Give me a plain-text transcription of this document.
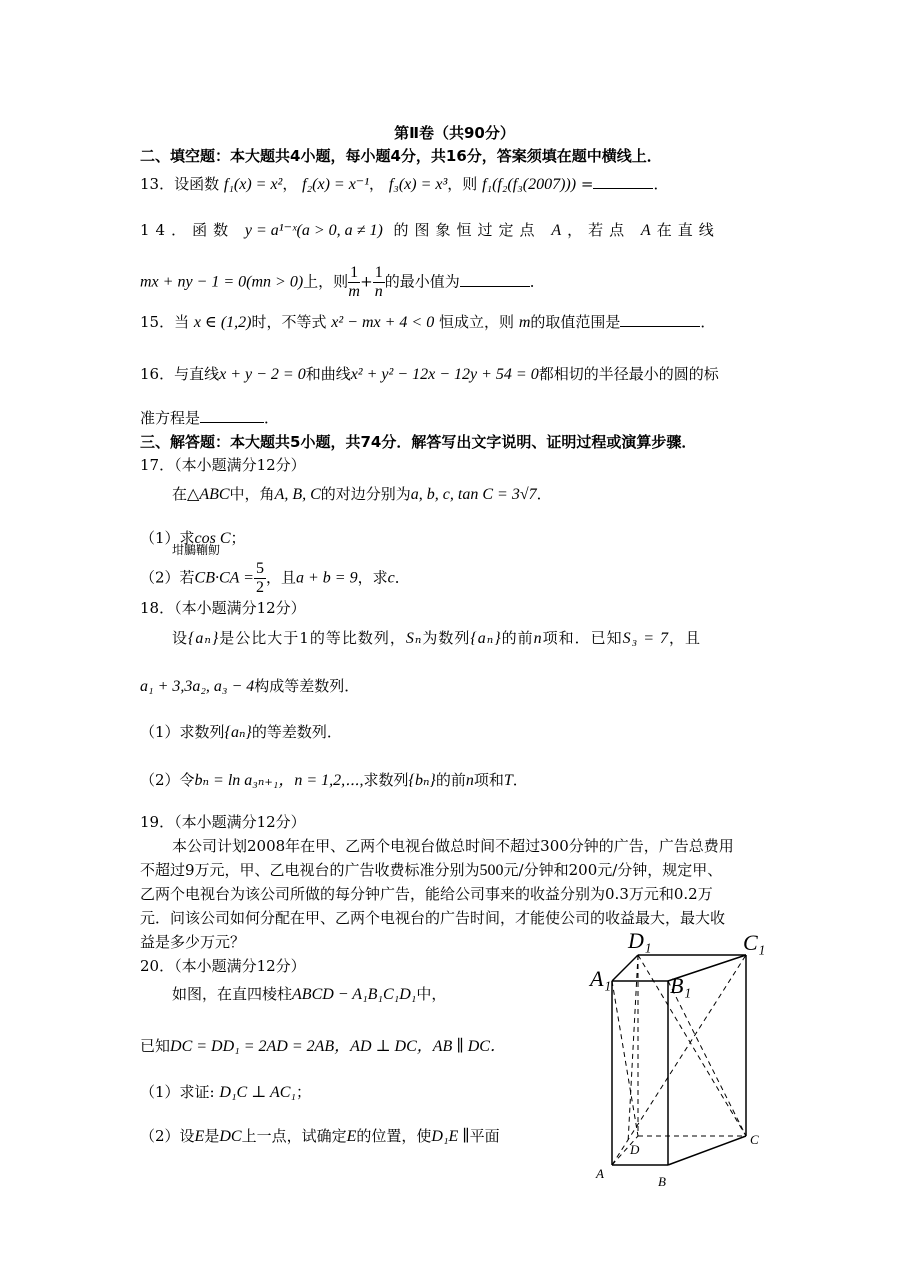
第Ⅱ卷（共90分）
二、填空题：本大题共4小题，每小题4分，共16分，答案须填在题中横线上．
13．设函数 f₁(x) = x²， f₂(x) = x⁻¹， f₃(x) = x³，则 f₁(f₂(f₃(2007))) =	．
14．函数 y = a¹⁻ˣ(a > 0, a ≠ 1) 的图象恒过定点 A，若点 A在直线
mx + ny − 1 = 0(mn > 0)上，则 $\frac{1}{m} + \frac{1}{n}$ 的最小值为	．
15．当 x ∈ (1,2)时，不等式 x² − mx + 4 < 0 恒成立，则 m的取值范围是	．
16．与直线x + y − 2 = 0和曲线x² + y² − 12x − 12y + 54 = 0都相切的半径最小的圆的标
准方程是	．
三、解答题：本大题共5小题，共74分．解答写出文字说明、证明过程或演算步骤．
17．（本小题满分12分）
在△ABC中，角A, B, C的对边分别为a, b, c, tan C = 3√7．
（1）求cos C；
坩鵩鞩鱽
（2）若$CB\cdot CA = \frac{5}{2}$ ，且a + b = 9，求c．
18．（本小题满分12分）
设{aₙ}是公比大于1的等比数列，Sₙ为数列{aₙ}的前n项和．已知S₃ = 7，且
a₁ + 3,3a₂, a₃ − 4构成等差数列．
（1）求数列{aₙ}的等差数列．
（2）令bₙ = ln a₃ₙ₊₁，n = 1,2,⋯,求数列{bₙ}的前n项和T．
19．（本小题满分12分）
本公司计划2008年在甲、乙两个电视台做总时间不超过300分钟的广告，广告总费用
不超过9万元，甲、乙电视台的广告收费标准分别为500元/分钟和200元/分钟，规定甲、
乙两个电视台为该公司所做的每分钟广告，能给公司事来的收益分别为0.3万元和0.2万
元．问该公司如何分配在甲、乙两个电视台的广告时间，才能使公司的收益最大，最大收
益是多少万元？
20．（本小题满分12分）
如图，在直四棱柱ABCD − A₁B₁C₁D₁中，
已知DC = DD₁ = 2AD = 2AB，AD ⊥ DC，AB ∥ DC．
（1）求证: D₁C ⊥ AC₁；
（2）设E是DC上一点，试确定E的位置，使D₁E ∥平面
D₁	C₁
A₁	B₁
D
C
A
B
